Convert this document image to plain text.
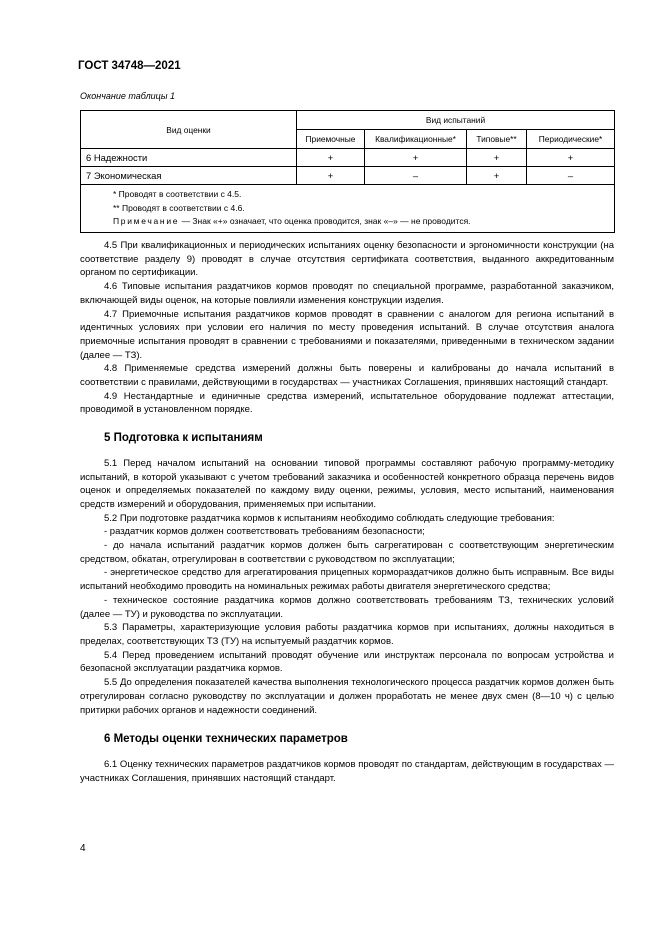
ГОСТ 34748—2021
Окончание таблицы 1
Вид оценки	Вид испытаний			
	Приемочные	Квалификационные*	Типовые**	Периодические*
6 Надежности	+	+	+	+
7 Экономическая	+	–	+	–

* Проводят в соответствии с 4.5.
** Проводят в соответствии с 4.6.
Примечание — Знак «+» означает, что оценка проводится, знак «–» — не проводится.				

4.5 При квалификационных и периодических испытаниях оценку безопасности и эргономичности конструкции (на соответствие разделу 9) проводят в случае отсутствия сертификата соответствия, выданного аккредитованным органом по сертификации.

4.6 Типовые испытания раздатчиков кормов проводят по специальной программе, разработанной заказчиком, включающей виды оценок, на которые повлияли изменения конструкции изделия.

4.7 Приемочные испытания раздатчиков кормов проводят в сравнении с аналогом для региона испытаний в идентичных условиях при условии его наличия по месту проведения испытаний. В случае отсутствия аналога приемочные испытания проводят в сравнении с требованиями и показателями, приведенными в техническом задании (далее — ТЗ).

4.8 Применяемые средства измерений должны быть поверены и калиброваны до начала испытаний в соответствии с правилами, действующими в государствах — участниках Соглашения, принявших настоящий стандарт.

4.9 Нестандартные и единичные средства измерений, испытательное оборудование подлежат аттестации, проводимой в установленном порядке.

5 Подготовка к испытаниям

5.1 Перед началом испытаний на основании типовой программы составляют рабочую программу-методику испытаний, в которой указывают с учетом требований заказчика и особенностей конкретного образца перечень видов оценок и определяемых показателей по каждому виду оценки, режимы, условия, место испытаний, наименования средств измерений и оборудования, применяемых при испытании.

5.2 При подготовке раздатчика кормов к испытаниям необходимо соблюдать следующие требования:

- раздатчик кормов должен соответствовать требованиям безопасности;

- до начала испытаний раздатчик кормов должен быть сагрегатирован с соответствующим энергетическим средством, обкатан, отрегулирован в соответствии с руководством по эксплуатации;

- энергетическое средство для агрегатирования прицепных кормораздатчиков должно быть исправным. Все виды испытаний необходимо проводить на номинальных режимах работы двигателя энергетического средства;

- техническое состояние раздатчика кормов должно соответствовать требованиям ТЗ, технических условий (далее — ТУ) и руководства по эксплуатации.

5.3 Параметры, характеризующие условия работы раздатчика кормов при испытаниях, должны находиться в пределах, соответствующих ТЗ (ТУ) на испытуемый раздатчик кормов.

5.4 Перед проведением испытаний проводят обучение или инструктаж персонала по вопросам устройства и безопасной эксплуатации раздатчика кормов.

5.5 До определения показателей качества выполнения технологического процесса раздатчик кормов должен быть отрегулирован согласно руководству по эксплуатации и должен проработать не менее двух смен (8—10 ч) с целью притирки рабочих органов и надежности соединений.

6 Методы оценки технических параметров

6.1 Оценку технических параметров раздатчиков кормов проводят по стандартам, действующим в государствах — участниках Соглашения, принявших настоящий стандарт.

4
